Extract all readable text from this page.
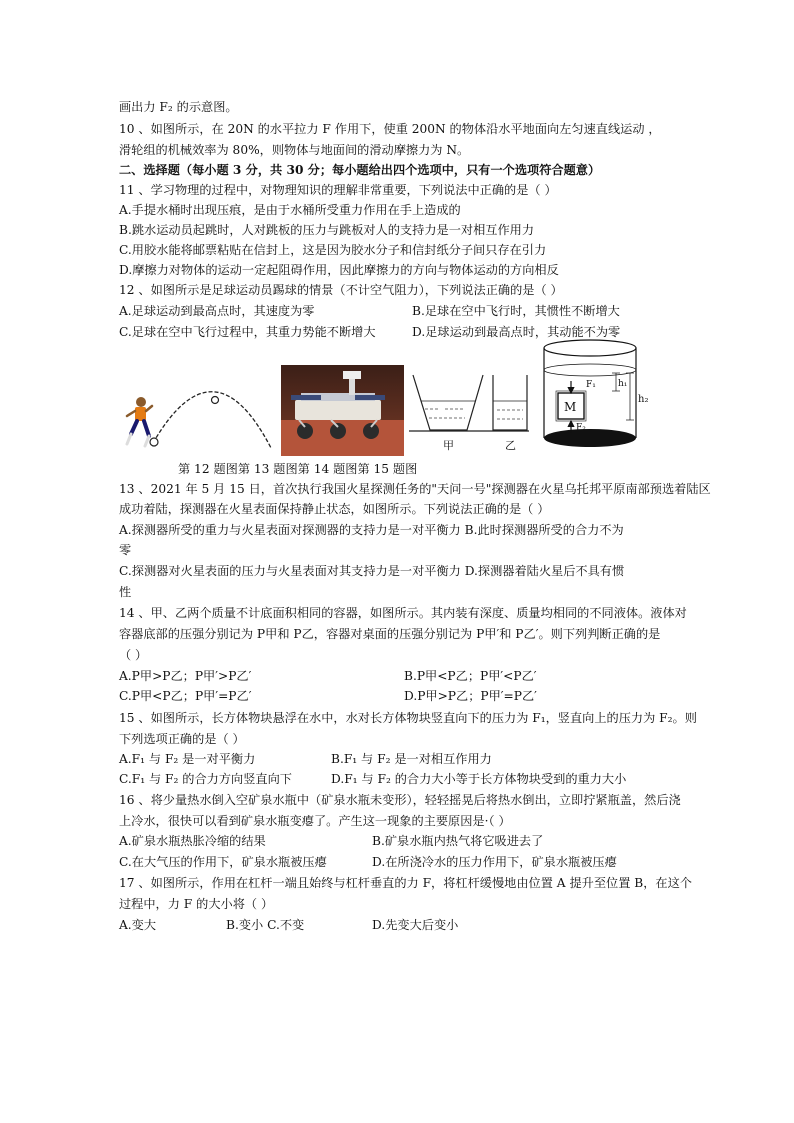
画出力 F₂ 的示意图。
10 、如图所示，在 20N 的水平拉力 F 作用下，使重 200N 的物体沿水平地面向左匀速直线运动 ，
滑轮组的机械效率为 80%，则物体与地面间的滑动摩擦力为 N。
二、选择题（每小题 3 分，共 30 分；每小题给出四个选项中，只有一个选项符合题意）
11 、学习物理的过程中，对物理知识的理解非常重要，下列说法中正确的是（ ）
A.手提水桶时出现压痕，是由于水桶所受重力作用在手上造成的
B.跳水运动员起跳时，人对跳板的压力与跳板对人的支持力是一对相互作用力
C.用胶水能将邮票粘贴在信封上，这是因为胶水分子和信封纸分子间只存在引力
D.摩擦力对物体的运动一定起阻碍作用，因此摩擦力的方向与物体运动的方向相反
12 、如图所示是足球运动员踢球的情景（不计空气阻力），下列说法正确的是（ ）
A.足球运动到最高点时，其速度为零	B.足球在空中飞行时，其惯性不断增大
C.足球在空中飞行过程中，其重力势能不断增大	D.足球运动到最高点时，其动能不为零
甲	乙
M
F₁
F₂
h₁
h₂
第 12 题图第 13 题图第 14 题图第 15 题图
13 、2021 年 5 月 15 日，首次执行我国火星探测任务的"天问一号"探测器在火星乌托邦平原南部预选着陆区
成功着陆，探测器在火星表面保持静止状态，如图所示。下列说法正确的是（ ）
A.探测器所受的重力与火星表面对探测器的支持力是一对平衡力 B.此时探测器所受的合力不为
零
C.探测器对火星表面的压力与火星表面对其支持力是一对平衡力 D.探测器着陆火星后不具有惯
性
14 、甲、乙两个质量不计底面积相同的容器，如图所示。其内装有深度、质量均相同的不同液体。液体对
容器底部的压强分别记为 P甲和 P乙，容器对桌面的压强分别记为 P甲′和 P乙′。则下列判断正确的是
（ ）
A.P甲>P乙；P甲′>P乙′	B.P甲<P乙；P甲′<P乙′
C.P甲<P乙；P甲′=P乙′	D.P甲>P乙；P甲′=P乙′
15 、如图所示，长方体物块悬浮在水中，水对长方体物块竖直向下的压力为 F₁，竖直向上的压力为 F₂。则
下列选项正确的是（ ）
A.F₁ 与 F₂ 是一对平衡力	B.F₁ 与 F₂ 是一对相互作用力
C.F₁ 与 F₂ 的合力方向竖直向下	D.F₁ 与 F₂ 的合力大小等于长方体物块受到的重力大小
16 、将少量热水倒入空矿泉水瓶中（矿泉水瓶未变形），轻轻摇晃后将热水倒出，立即拧紧瓶盖，然后浇
上冷水，很快可以看到矿泉水瓶变瘪了。产生这一现象的主要原因是·（ ）
A.矿泉水瓶热胀冷缩的结果	B.矿泉水瓶内热气将它吸进去了
C.在大气压的作用下，矿泉水瓶被压瘪	D.在所浇冷水的压力作用下，矿泉水瓶被压瘪
17 、如图所示，作用在杠杆一端且始终与杠杆垂直的力 F，将杠杆缓慢地由位置 A 提升至位置 B，在这个
过程中，力 F 的大小将（ ）
A.变大	B.变小 C.不变	D.先变大后变小
